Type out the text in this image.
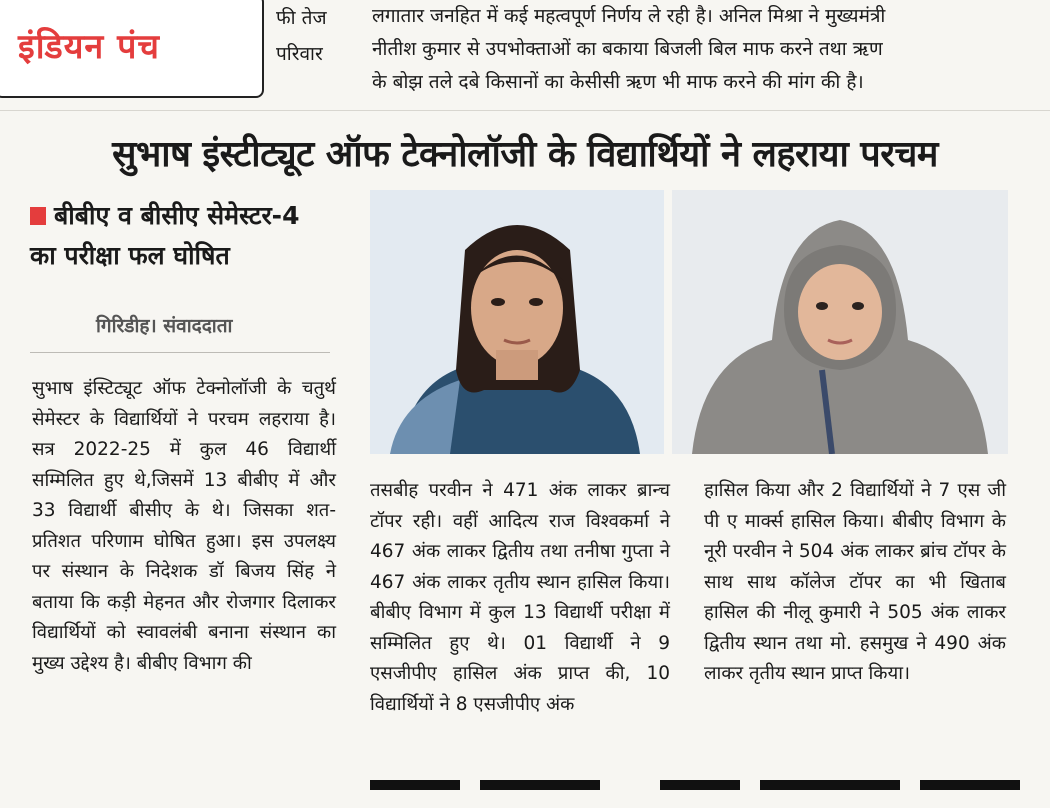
इंडियन पंच
फी तेज
परिवार

लगातार जनहित में कई महत्वपूर्ण निर्णय ले रही है। अनिल मिश्रा ने मुख्यमंत्री

नीतीश कुमार से उपभोक्ताओं का बकाया बिजली बिल माफ करने तथा ऋण

के बोझ तले दबे किसानों का केसीसी ऋण भी माफ करने की मांग की है।

सुभाष इंस्टीट्यूट ऑफ टेक्नोलॉजी के विद्यार्थियों ने लहराया परचम
बीबीए व बीसीए सेमेस्टर-4 का परीक्षा फल घोषित
गिरिडीह। संवाददाता
सुभाष इंस्टिट्यूट ऑफ टेक्नोलॉजी के चतुर्थ सेमेस्टर के विद्यार्थियों ने परचम लहराया है। सत्र 2022-25 में कुल 46 विद्यार्थी सम्मिलित हुए थे,जिसमें 13 बीबीए में और 33 विद्यार्थी बीसीए के थे। जिसका शत-प्रतिशत परिणाम घोषित हुआ। इस उपलक्ष्य पर संस्थान के निदेशक डॉ बिजय सिंह ने बताया कि कड़ी मेहनत और रोजगार दिलाकर विद्यार्थियों को स्वावलंबी बनाना संस्थान का मुख्य उद्देश्य है। बीबीए विभाग की
तसबीह परवीन ने 471 अंक लाकर ब्रान्च टॉपर रही। वहीं आदित्य राज विश्वकर्मा ने 467 अंक लाकर द्वितीय तथा तनीषा गुप्ता ने 467 अंक लाकर तृतीय स्थान हासिल किया। बीबीए विभाग में कुल 13 विद्यार्थी परीक्षा में सम्मिलित हुए थे। 01 विद्यार्थी ने 9 एसजीपीए हासिल अंक प्राप्त की, 10 विद्यार्थियों ने 8 एसजीपीए अंक
हासिल किया और 2 विद्यार्थियों ने 7 एस जी पी ए मार्क्स हासिल किया। बीबीए विभाग के नूरी परवीन ने 504 अंक लाकर ब्रांच टॉपर के साथ साथ कॉलेज टॉपर का भी खिताब हासिल की नीलू कुमारी ने 505 अंक लाकर द्वितीय स्थान तथा मो. हसमुख ने 490 अंक लाकर तृतीय स्थान प्राप्त किया।
